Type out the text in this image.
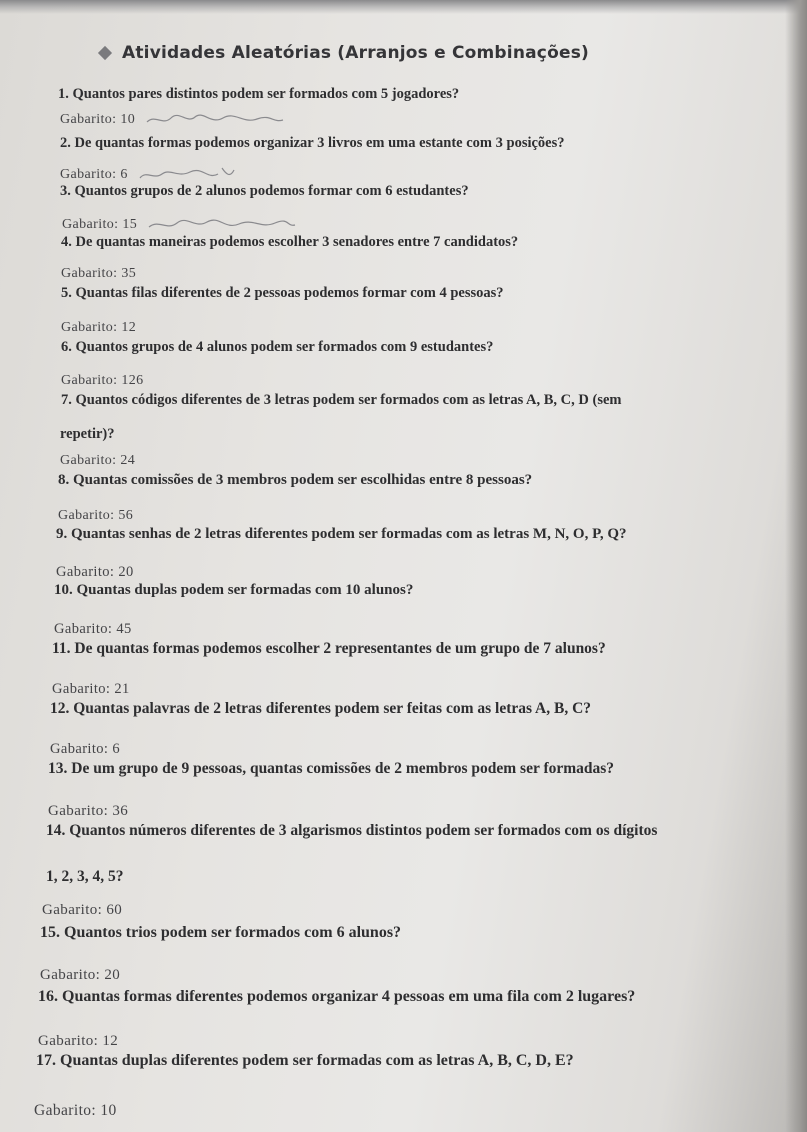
Atividades Aleatórias (Arranjos e Combinações)
1. Quantos pares distintos podem ser formados com 5 jogadores?
Gabarito: 10
2. De quantas formas podemos organizar 3 livros em uma estante com 3 posições?
Gabarito: 6
3. Quantos grupos de 2 alunos podemos formar com 6 estudantes?
Gabarito: 15
4. De quantas maneiras podemos escolher 3 senadores entre 7 candidatos?
Gabarito: 35
5. Quantas filas diferentes de 2 pessoas podemos formar com 4 pessoas?
Gabarito: 12
6. Quantos grupos de 4 alunos podem ser formados com 9 estudantes?
Gabarito: 126
7. Quantos códigos diferentes de 3 letras podem ser formados com as letras A, B, C, D (sem
repetir)?
Gabarito: 24
8. Quantas comissões de 3 membros podem ser escolhidas entre 8 pessoas?
Gabarito: 56
9. Quantas senhas de 2 letras diferentes podem ser formadas com as letras M, N, O, P, Q?
Gabarito: 20
10. Quantas duplas podem ser formadas com 10 alunos?
Gabarito: 45
11. De quantas formas podemos escolher 2 representantes de um grupo de 7 alunos?
Gabarito: 21
12. Quantas palavras de 2 letras diferentes podem ser feitas com as letras A, B, C?
Gabarito: 6
13. De um grupo de 9 pessoas, quantas comissões de 2 membros podem ser formadas?
Gabarito: 36
14. Quantos números diferentes de 3 algarismos distintos podem ser formados com os dígitos
1, 2, 3, 4, 5?
Gabarito: 60
15. Quantos trios podem ser formados com 6 alunos?
Gabarito: 20
16. Quantas formas diferentes podemos organizar 4 pessoas em uma fila com 2 lugares?
Gabarito: 12
17. Quantas duplas diferentes podem ser formadas com as letras A, B, C, D, E?
Gabarito: 10
